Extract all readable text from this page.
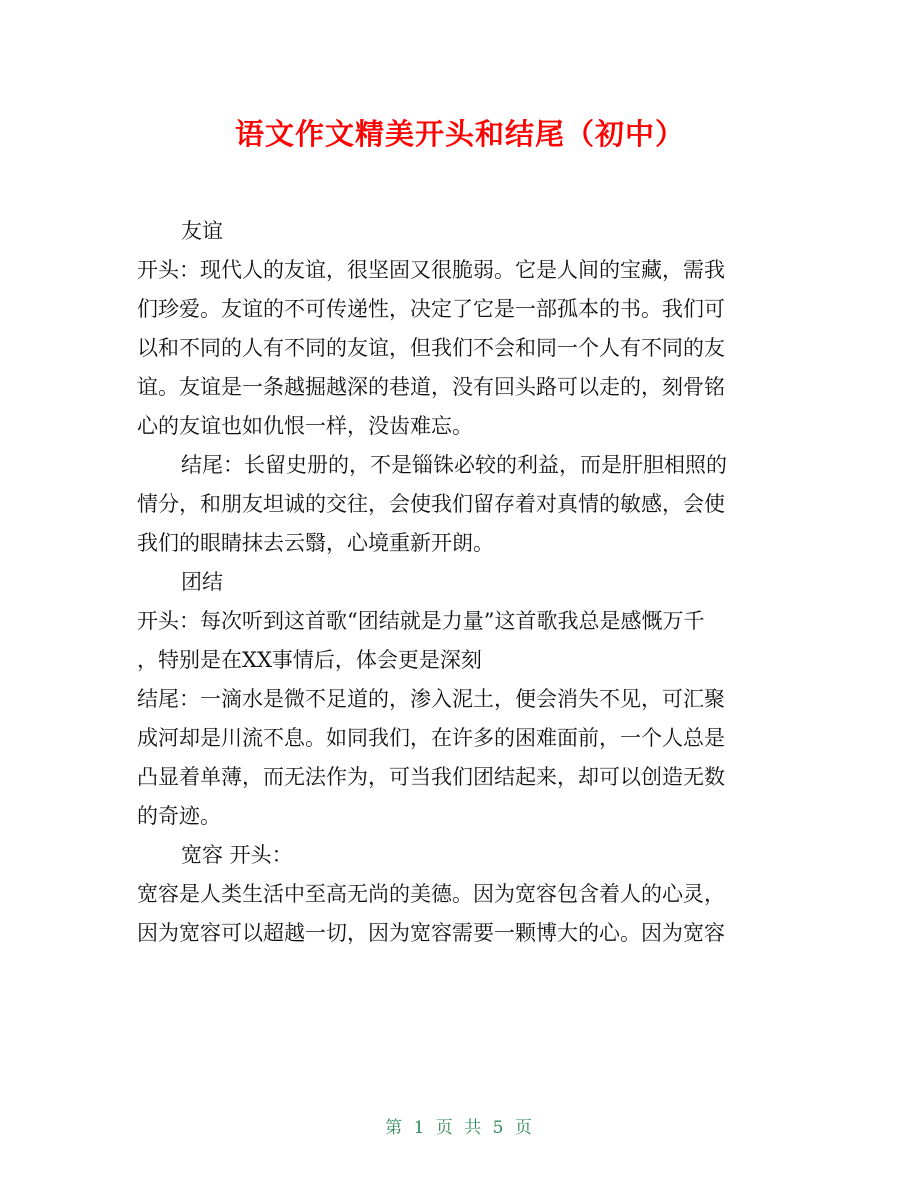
语文作文精美开头和结尾（初中）
友谊
开头：现代人的友谊，很坚固又很脆弱。它是人间的宝藏，需我
们珍爱。友谊的不可传递性，决定了它是一部孤本的书。我们可
以和不同的人有不同的友谊，但我们不会和同一个人有不同的友
谊。友谊是一条越掘越深的巷道，没有回头路可以走的，刻骨铭
心的友谊也如仇恨一样，没齿难忘。
结尾：长留史册的，不是锱铢必较的利益，而是肝胆相照的
情分，和朋友坦诚的交往，会使我们留存着对真情的敏感，会使
我们的眼睛抹去云翳，心境重新开朗。
团结
开头：每次听到这首歌“团结就是力量”这首歌我总是感慨万千
，特别是在XX事情后，体会更是深刻
结尾：一滴水是微不足道的，渗入泥土，便会消失不见，可汇聚
成河却是川流不息。如同我们，在许多的困难面前，一个人总是
凸显着单薄，而无法作为，可当我们团结起来，却可以创造无数
的奇迹。
宽容 开头：
宽容是人类生活中至高无尚的美德。因为宽容包含着人的心灵，
因为宽容可以超越一切，因为宽容需要一颗博大的心。因为宽容
第 1 页 共 5 页
